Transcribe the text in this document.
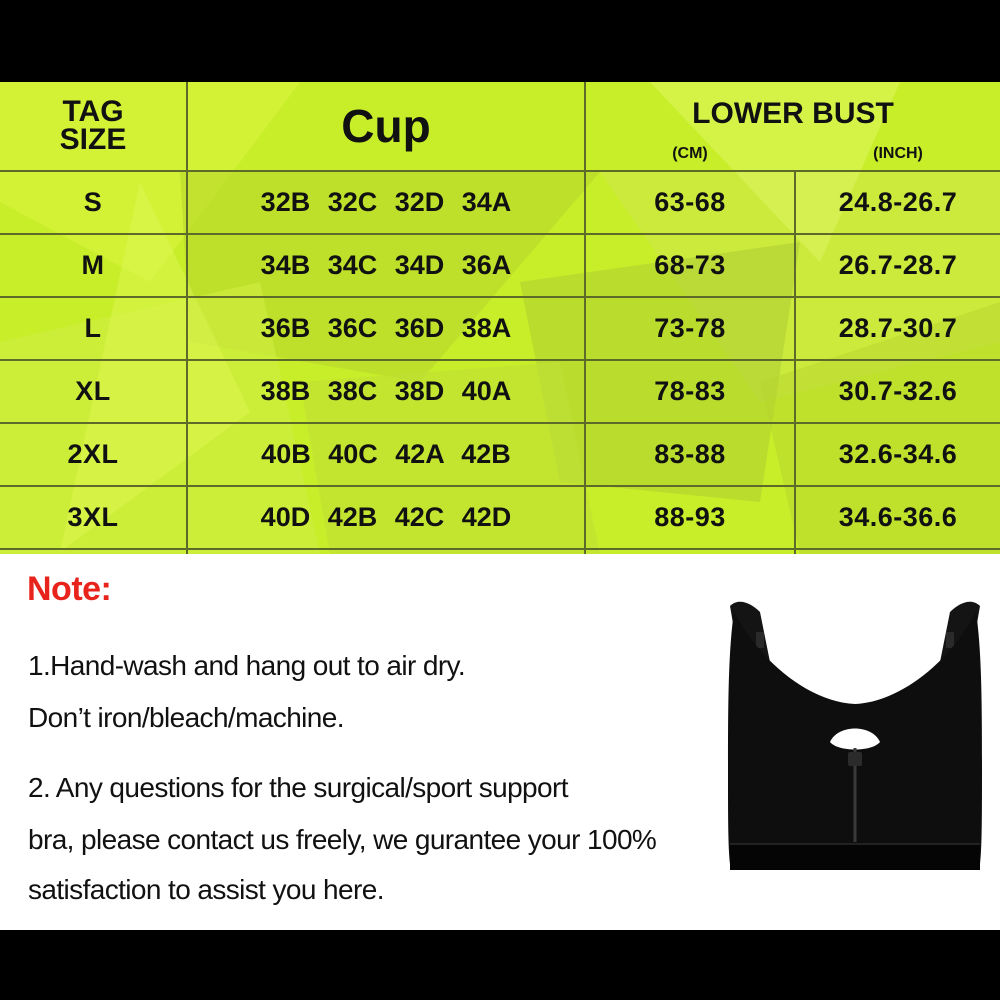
TAG
SIZE	Cup	LOWER BUST
(CM)	(INCH)
S	32B 32C 32D 34A	63-68	24.8-26.7
M	34B 34C 34D 36A	68-73	26.7-28.7
L	36B 36C 36D 38A	73-78	28.7-30.7
XL	38B 38C 38D 40A	78-83	30.7-32.6
2XL	40B 40C 42A 42B	83-88	32.6-34.6
3XL	40D 42B 42C 42D	88-93	34.6-36.6
Note:
1.Hand-wash and hang out to air dry.
Don’t iron/bleach/machine.
2. Any questions for the surgical/sport support
bra, please contact us freely, we gurantee your 100%
satisfaction to assist you here.
